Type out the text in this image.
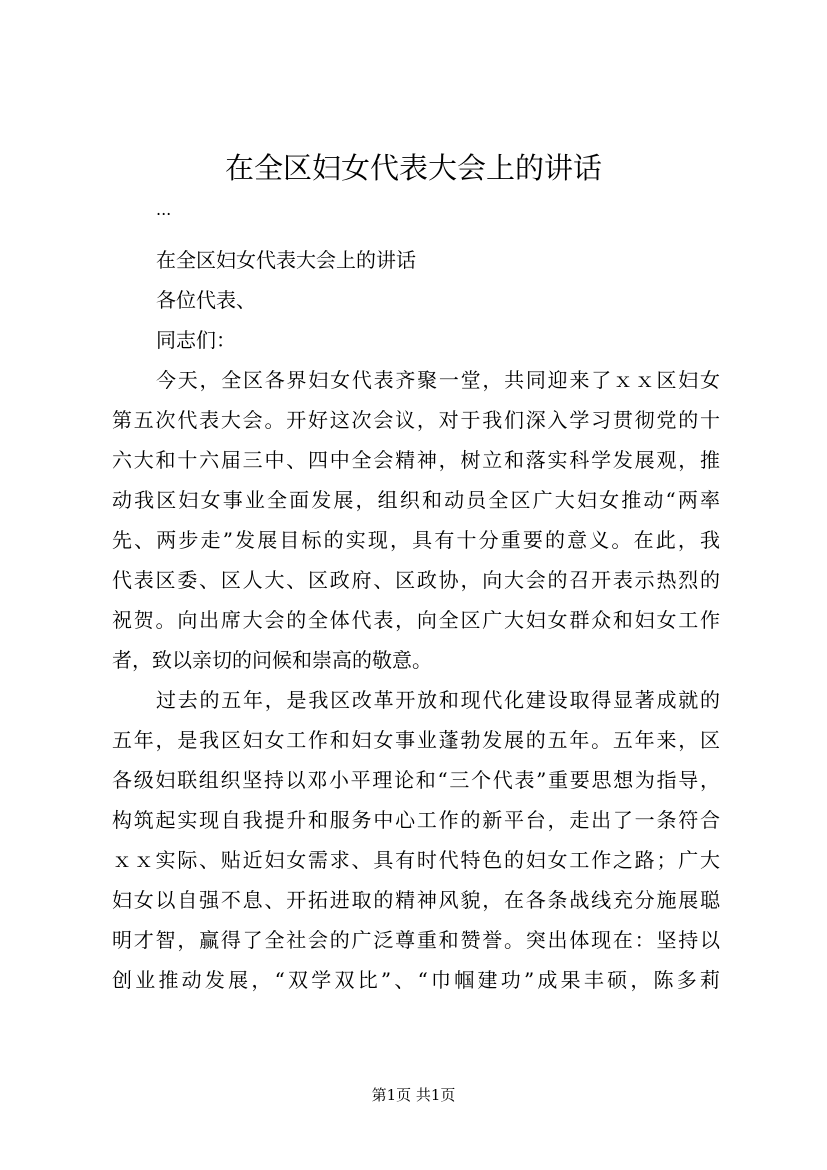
在全区妇女代表大会上的讲话
...
在全区妇女代表大会上的讲话
各位代表、
同志们：
今天，全区各界妇女代表齐聚一堂，共同迎来了ｘｘ区妇女
第五次代表大会。开好这次会议，对于我们深入学习贯彻党的十
六大和十六届三中、四中全会精神，树立和落实科学发展观，推
动我区妇女事业全面发展，组织和动员全区广大妇女推动“两率
先、两步走”发展目标的实现，具有十分重要的意义。在此，我
代表区委、区人大、区政府、区政协，向大会的召开表示热烈的
祝贺。向出席大会的全体代表，向全区广大妇女群众和妇女工作
者，致以亲切的问候和崇高的敬意。
过去的五年，是我区改革开放和现代化建设取得显著成就的
五年，是我区妇女工作和妇女事业蓬勃发展的五年。五年来，区
各级妇联组织坚持以邓小平理论和“三个代表”重要思想为指导，
构筑起实现自我提升和服务中心工作的新平台，走出了一条符合
ｘｘ实际、贴近妇女需求、具有时代特色的妇女工作之路；广大
妇女以自强不息、开拓进取的精神风貌，在各条战线充分施展聪
明才智，赢得了全社会的广泛尊重和赞誉。突出体现在：坚持以
创业推动发展，“双学双比”、“巾帼建功”成果丰硕，陈多莉
第1页 共1页
